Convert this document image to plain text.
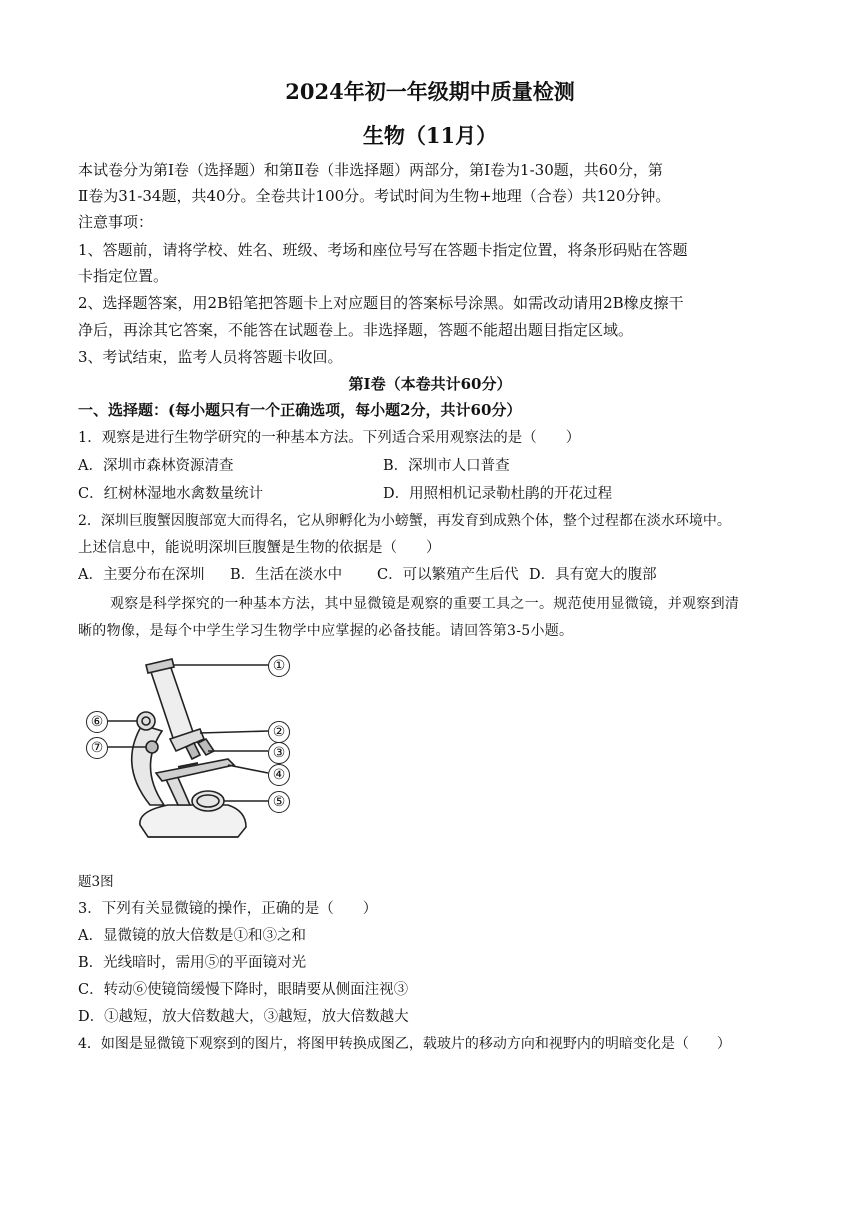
2024年初一年级期中质量检测
生物（11月）
本试卷分为第Ⅰ卷（选择题）和第Ⅱ卷（非选择题）两部分，第Ⅰ卷为1-30题，共60分，第
Ⅱ卷为31-34题，共40分。全卷共计100分。考试时间为生物+地理（合卷）共120分钟。
注意事项：
1、答题前，请将学校、姓名、班级、考场和座位号写在答题卡指定位置，将条形码贴在答题
卡指定位置。
2、选择题答案，用2B铅笔把答题卡上对应题目的答案标号涂黑。如需改动请用2B橡皮擦干
净后，再涂其它答案，不能答在试题卷上。非选择题，答题不能超出题目指定区域。
3、考试结束，监考人员将答题卡收回。
第Ⅰ卷（本卷共计60分）
一、选择题：(每小题只有一个正确选项，每小题2分，共计60分）
1．观察是进行生物学研究的一种基本方法。下列适合采用观察法的是（　　）
A．深圳市森林资源清查	B．深圳市人口普查
C．红树林湿地水禽数量统计	D．用照相机记录勒杜鹃的开花过程
2．深圳巨腹蟹因腹部宽大而得名，它从卵孵化为小螃蟹，再发育到成熟个体，整个过程都在淡水环境中。
上述信息中，能说明深圳巨腹蟹是生物的依据是（　　）
A．主要分布在深圳 B．生活在淡水中 C．可以繁殖产生后代 D．具有宽大的腹部
观察是科学探究的一种基本方法，其中显微镜是观察的重要工具之一。规范使用显微镜，并观察到清
晰的物像，是每个中学生学习生物学中应掌握的必备技能。请回答第3-5小题。
①
②
③
④
⑤
⑥
⑦
题3图
3．下列有关显微镜的操作，正确的是（　　）
A．显微镜的放大倍数是①和③之和
B．光线暗时，需用⑤的平面镜对光
C．转动⑥使镜筒缓慢下降时，眼睛要从侧面注视③
D．①越短，放大倍数越大，③越短，放大倍数越大
4．如图是显微镜下观察到的图片，将图甲转换成图乙，载玻片的移动方向和视野内的明暗变化是（　　）
